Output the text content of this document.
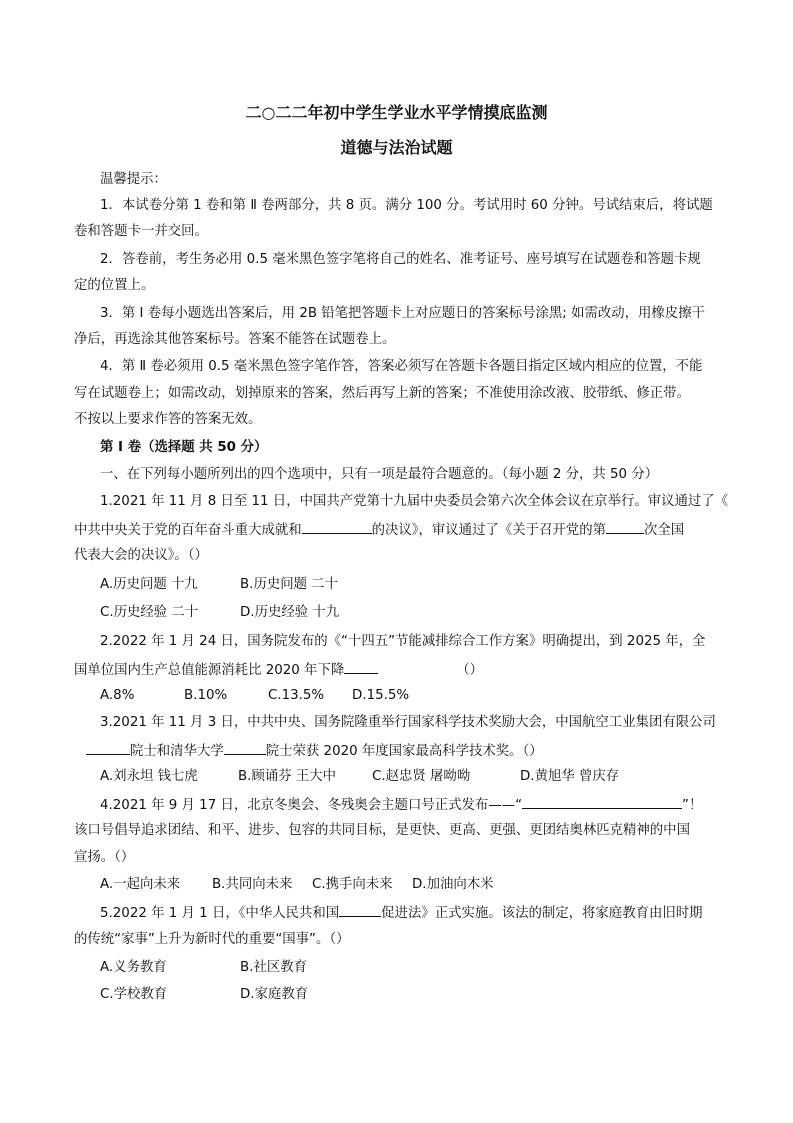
二○二二年初中学生学业水平学情摸底监测
道德与法治试题
温馨提示：
1．本试卷分第 1 卷和第 Ⅱ 卷两部分，共 8 页。满分 100 分。考试用时 60 分钟。号试结束后，将试题
卷和答题卡一并交回。
2．答卷前，考生务必用 0.5 毫米黑色签字笔将自己的姓名、准考证号、座号填写在试题卷和答题卡规
定的位置上。
3．第 Ⅰ 卷每小题选出答案后，用 2B 铅笔把答题卡上对应题日的答案标号涂黑; 如需改动，用橡皮擦干
净后，再选涂其他答案标号。答案不能答在试题卷上。
4．第 Ⅱ 卷必须用 0.5 毫米黑色签字笔作答，答案必须写在答题卡各题目指定区域内相应的位置，不能
写在试题卷上；如需改动，划掉原来的答案，然后再写上新的答案；不准使用涂改液、胶带纸、修正带。
不按以上要求作答的答案无效。
第 Ⅰ 卷（选择题 共 50 分）
一、在下列每小题所列出的四个选项中，只有一项是最符合题意的。（每小题 2 分，共 50 分）
1.2021 年 11 月 8 日至 11 日，中国共产党第十九届中央委员会第六次全体会议在京举行。审议通过了《
中共中央关于党的百年奋斗重大成就和	的决议》，审议通过了《关于召开党的第	次全国
代表大会的决议》。（）
A.历史问题 十九	B.历史问题 二十
C.历史经验 二十	D.历史经验 十九
2.2022 年 1 月 24 日，国务院发布的《“十四五”节能减排综合工作方案》明确提出，到 2025 年，全
国单位国内生产总值能源消耗比 2020 年下降	（）
A.8%	B.10%	C.13.5% D.15.5%
3.2021 年 11 月 3 日，中共中央、国务院隆重举行国家科学技术奖励大会，中国航空工业集团有限公司
院士和清华大学	院士荣获 2020 年度国家最高科学技术奖。（）
A.刘永坦 钱七虎	B.顾诵芬 王大中	C.赵忠贤 屠呦呦	D.黄旭华 曾庆存
4.2021 年 9 月 17 日，北京冬奥会、冬残奥会主题口号正式发布——“	”！
该口号倡导追求团结、和平、进步、包容的共同目标，是更快、更高、更强、更团结奥林匹克精神的中国
宣扬。（）
A.一起向未来 B.共同向未来 C.携手向未来 D.加油向木米
5.2022 年 1 月 1 日，《中华人民共和国	促进法》正式实施。该法的制定，将家庭教育由旧时期
的传统“家事”上升为新时代的重要“国事”。（）
A.义务教育	B.社区教育
C.学校教育	D.家庭教育
